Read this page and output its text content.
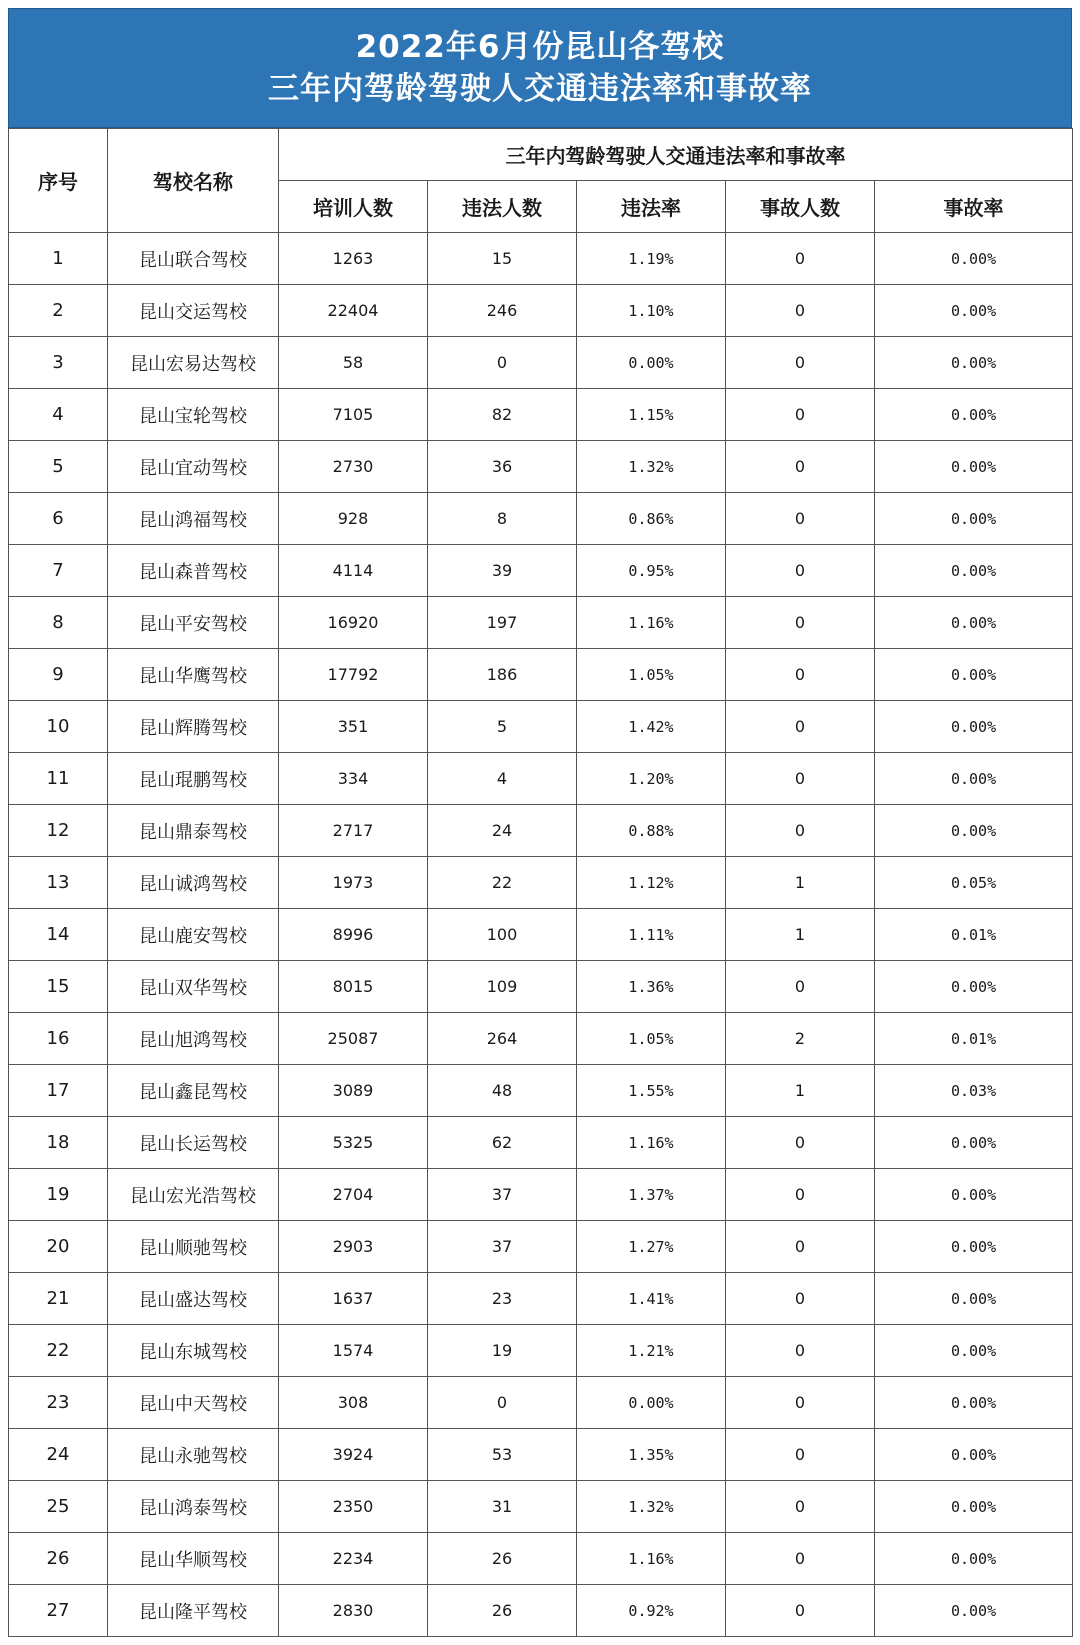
2022年6月份昆山各驾校
三年内驾龄驾驶人交通违法率和事故率
序号	驾校名称	三年内驾龄驾驶人交通违法率和事故率				
		培训人数	违法人数	违法率	事故人数	事故率
1	昆山联合驾校	1263	15	1.19%	0	0.00%
2	昆山交运驾校	22404	246	1.10%	0	0.00%
3	昆山宏易达驾校	58	0	0.00%	0	0.00%
4	昆山宝轮驾校	7105	82	1.15%	0	0.00%
5	昆山宜动驾校	2730	36	1.32%	0	0.00%
6	昆山鸿福驾校	928	8	0.86%	0	0.00%
7	昆山森普驾校	4114	39	0.95%	0	0.00%
8	昆山平安驾校	16920	197	1.16%	0	0.00%
9	昆山华鹰驾校	17792	186	1.05%	0	0.00%
10	昆山辉腾驾校	351	5	1.42%	0	0.00%
11	昆山琨鹏驾校	334	4	1.20%	0	0.00%
12	昆山鼎泰驾校	2717	24	0.88%	0	0.00%
13	昆山诚鸿驾校	1973	22	1.12%	1	0.05%
14	昆山鹿安驾校	8996	100	1.11%	1	0.01%
15	昆山双华驾校	8015	109	1.36%	0	0.00%
16	昆山旭鸿驾校	25087	264	1.05%	2	0.01%
17	昆山鑫昆驾校	3089	48	1.55%	1	0.03%
18	昆山长运驾校	5325	62	1.16%	0	0.00%
19	昆山宏光浩驾校	2704	37	1.37%	0	0.00%
20	昆山顺驰驾校	2903	37	1.27%	0	0.00%
21	昆山盛达驾校	1637	23	1.41%	0	0.00%
22	昆山东城驾校	1574	19	1.21%	0	0.00%
23	昆山中天驾校	308	0	0.00%	0	0.00%
24	昆山永驰驾校	3924	53	1.35%	0	0.00%
25	昆山鸿泰驾校	2350	31	1.32%	0	0.00%
26	昆山华顺驾校	2234	26	1.16%	0	0.00%
27	昆山隆平驾校	2830	26	0.92%	0	0.00%
